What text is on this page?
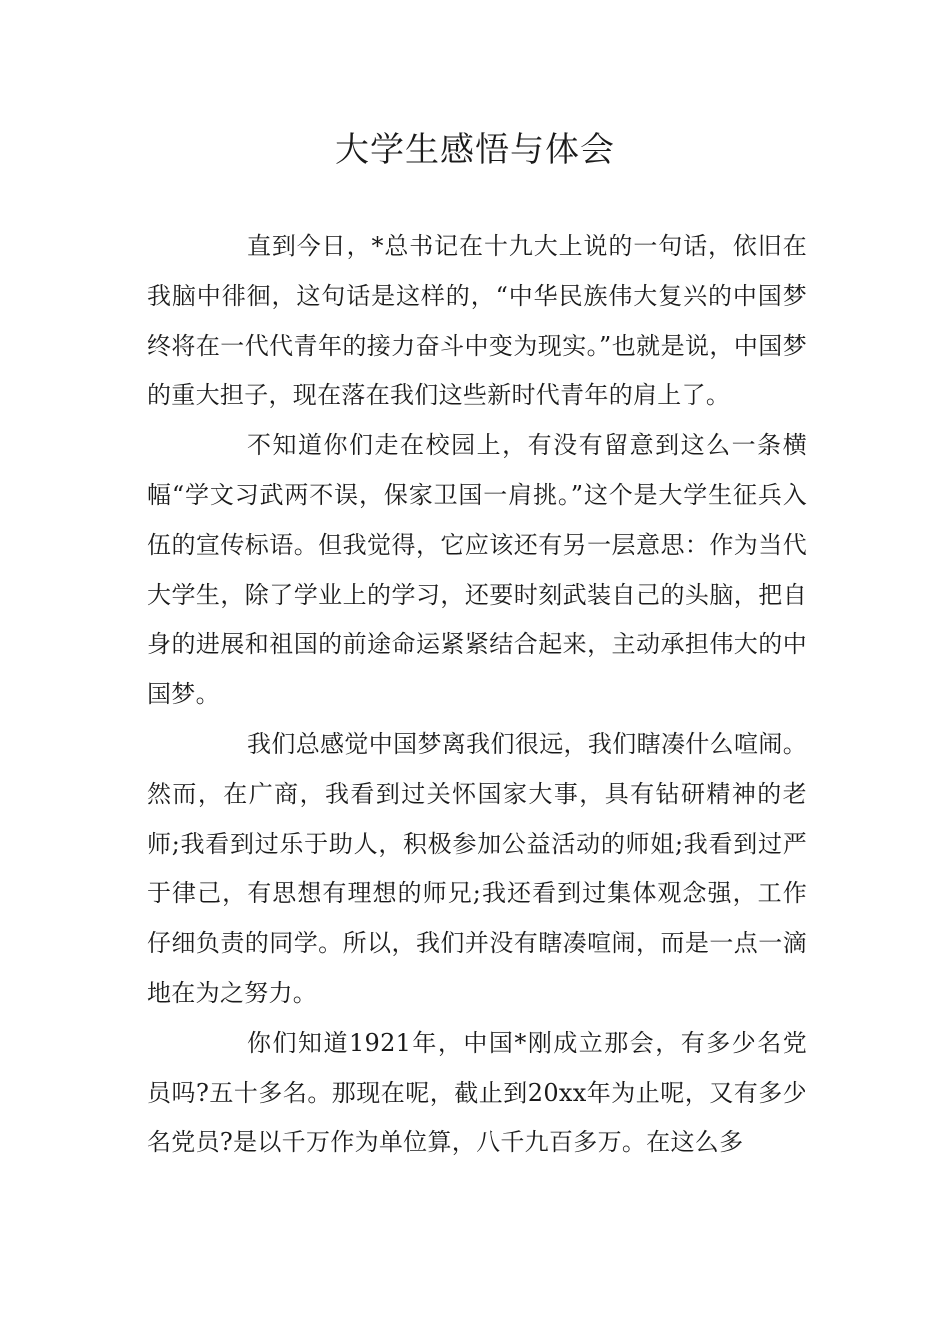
大学生感悟与体会

直到今日，*总书记在十九大上说的一句话，依旧在我脑中徘徊，这句话是这样的，“中华民族伟大复兴的中国梦终将在一代代青年的接力奋斗中变为现实。”也就是说，中国梦的重大担子，现在落在我们这些新时代青年的肩上了。

不知道你们走在校园上，有没有留意到这么一条横幅“学文习武两不误，保家卫国一肩挑。”这个是大学生征兵入伍的宣传标语。但我觉得，它应该还有另一层意思：作为当代大学生，除了学业上的学习，还要时刻武装自己的头脑，把自身的进展和祖国的前途命运紧紧结合起来，主动承担伟大的中国梦。

我们总感觉中国梦离我们很远，我们瞎凑什么喧闹。然而，在广商，我看到过关怀国家大事，具有钻研精神的老师;我看到过乐于助人，积极参加公益活动的师姐;我看到过严于律己，有思想有理想的师兄;我还看到过集体观念强，工作仔细负责的同学。所以，我们并没有瞎凑喧闹，而是一点一滴地在为之努力。

你们知道1921年，中国*刚成立那会，有多少名党员吗?五十多名。那现在呢，截止到20xx年为止呢，又有多少名党员?是以千万作为单位算，八千九百多万。在这么多
